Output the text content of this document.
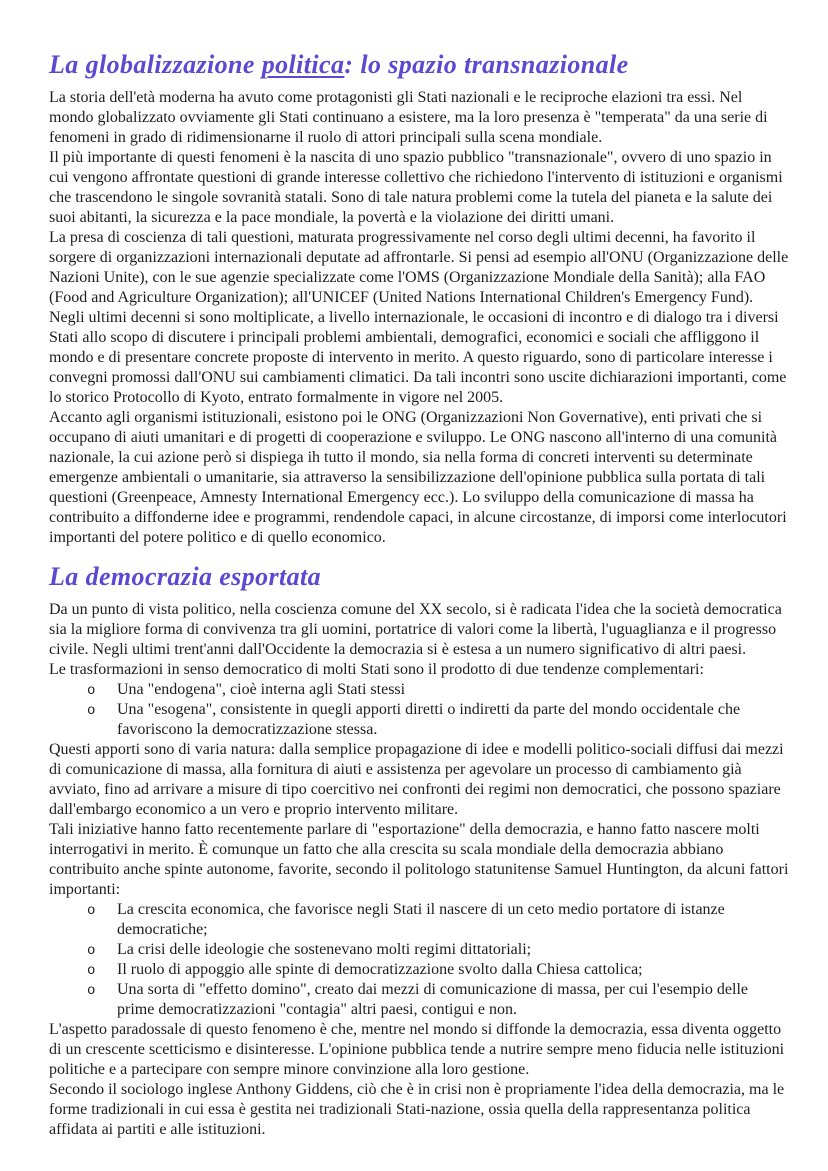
La globalizzazione politica: lo spazio transnazionale

La storia dell'età moderna ha avuto come protagonisti gli Stati nazionali e le reciproche elazioni tra essi. Nel mondo globalizzato ovviamente gli Stati continuano a esistere, ma la loro presenza è "temperata" da una serie di fenomeni in grado di ridimensionarne il ruolo di attori principali sulla scena mondiale.

Il più importante di questi fenomeni è la nascita di uno spazio pubblico "transnazionale", ovvero di uno spazio in cui vengono affrontate questioni di grande interesse collettivo che richiedono l'intervento di istituzioni e organismi che trascendono le singole sovranità statali. Sono di tale natura problemi come la tutela del pianeta e la salute dei suoi abitanti, la sicurezza e la pace mondiale, la povertà e la violazione dei diritti umani.

La presa di coscienza di tali questioni, maturata progressivamente nel corso degli ultimi decenni, ha favorito il sorgere di organizzazioni internazionali deputate ad affrontarle. Si pensi ad esempio all'ONU (Organizzazione delle Nazioni Unite), con le sue agenzie specializzate come l'OMS (Organizzazione Mondiale della Sanità); alla FAO (Food and Agriculture Organization); all'UNICEF (United Nations International Children's Emergency Fund).

Negli ultimi decenni si sono moltiplicate, a livello internazionale, le occasioni di incontro e di dialogo tra i diversi Stati allo scopo di discutere i principali problemi ambientali, demografici, economici e sociali che affliggono il mondo e di presentare concrete proposte di intervento in merito. A questo riguardo, sono di particolare interesse i convegni promossi dall'ONU sui cambiamenti climatici. Da tali incontri sono uscite dichiarazioni importanti, come lo storico Protocollo di Kyoto, entrato formalmente in vigore nel 2005.

Accanto agli organismi istituzionali, esistono poi le ONG (Organizzazioni Non Governative), enti privati che si occupano di aiuti umanitari e di progetti di cooperazione e sviluppo. Le ONG nascono all'interno di una comunità nazionale, la cui azione però si dispiega ih tutto il mondo, sia nella forma di concreti interventi su determinate emergenze ambientali o umanitarie, sia attraverso la sensibilizzazione dell'opinione pubblica sulla portata di tali questioni (Greenpeace, Amnesty International Emergency ecc.). Lo sviluppo della comunicazione di massa ha contribuito a diffonderne idee e programmi, rendendole capaci, in alcune circostanze, di imporsi come interlocutori importanti del potere politico e di quello economico.

La democrazia esportata

Da un punto di vista politico, nella coscienza comune del XX secolo, si è radicata l'idea che la società democratica sia la migliore forma di convivenza tra gli uomini, portatrice di valori come la libertà, l'uguaglianza e il progresso civile. Negli ultimi trent'anni dall'Occidente la democrazia si è estesa a un numero significativo di altri paesi.

Le trasformazioni in senso democratico di molti Stati sono il prodotto di due tendenze complementari:

o Una "endogena", cioè interna agli Stati stessi
o Una "esogena", consistente in quegli apporti diretti o indiretti da parte del mondo occidentale che favoriscono la democratizzazione stessa.

Questi apporti sono di varia natura: dalla semplice propagazione di idee e modelli politico-sociali diffusi dai mezzi di comunicazione di massa, alla fornitura di aiuti e assistenza per agevolare un processo di cambiamento già avviato, fino ad arrivare a misure di tipo coercitivo nei confronti dei regimi non democratici, che possono spaziare dall'embargo economico a un vero e proprio intervento militare.

Tali iniziative hanno fatto recentemente parlare di "esportazione" della democrazia, e hanno fatto nascere molti interrogativi in merito. È comunque un fatto che alla crescita su scala mondiale della democrazia abbiano contribuito anche spinte autonome, favorite, secondo il politologo statunitense Samuel Huntington, da alcuni fattori importanti:

o La crescita economica, che favorisce negli Stati il nascere di un ceto medio portatore di istanze democratiche;
o La crisi delle ideologie che sostenevano molti regimi dittatoriali;
o Il ruolo di appoggio alle spinte di democratizzazione svolto dalla Chiesa cattolica;
o Una sorta di "effetto domino", creato dai mezzi di comunicazione di massa, per cui l'esempio delle prime democratizzazioni "contagia" altri paesi, contigui e non.

L'aspetto paradossale di questo fenomeno è che, mentre nel mondo si diffonde la democrazia, essa diventa oggetto di un crescente scetticismo e disinteresse. L'opinione pubblica tende a nutrire sempre meno fiducia nelle istituzioni politiche e a partecipare con sempre minore convinzione alla loro gestione.

Secondo il sociologo inglese Anthony Giddens, ciò che è in crisi non è propriamente l'idea della democrazia, ma le forme tradizionali in cui essa è gestita nei tradizionali Stati-nazione, ossia quella della rappresentanza politica affidata ai partiti e alle istituzioni.
